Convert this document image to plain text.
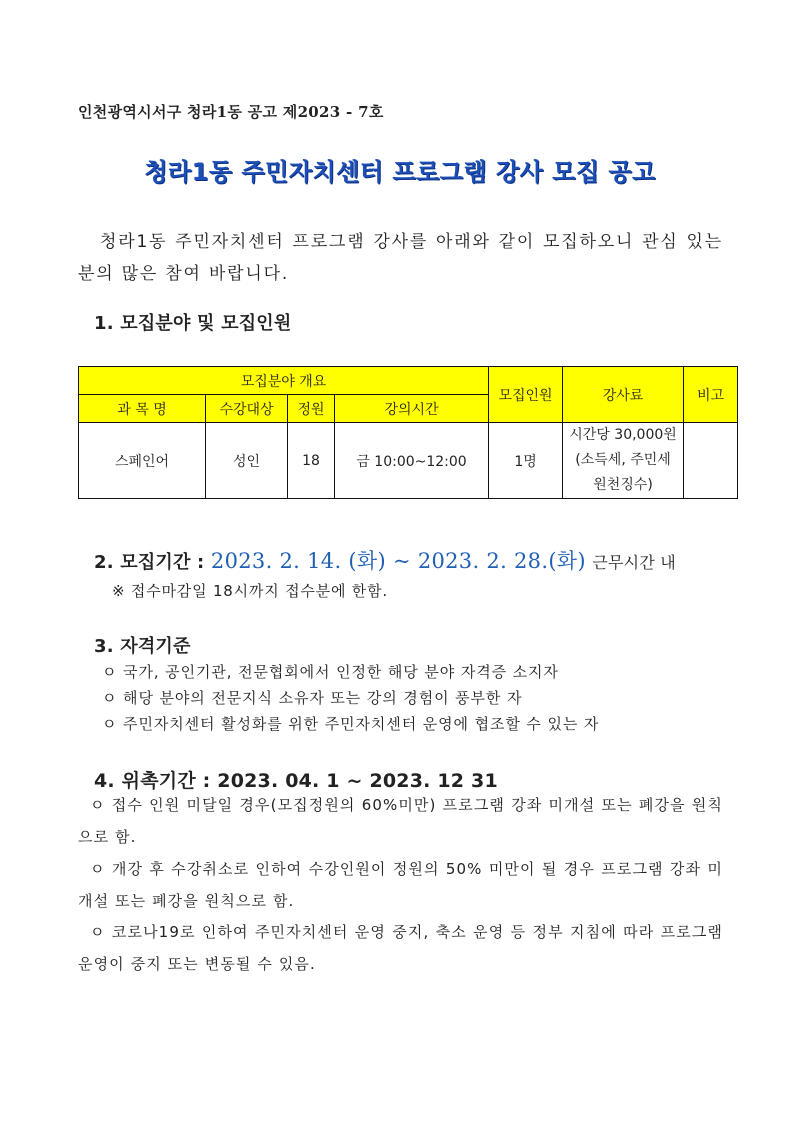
인천광역시서구 청라1동 공고 제2023 - 7호
청라1동 주민자치센터 프로그램 강사 모집 공고
청라1동 주민자치센터 프로그램 강사를 아래와 같이 모집하오니 관심 있는 분의 많은 참여 바랍니다.
1. 모집분야 및 모집인원
모집분야 개요				모집인원	강사료	비고
과 목 명	수강대상	정원	강의시간			
스페인어	성인	18	금 10:00~12:00	1명	시간당 30,000원
(소득세, 주민세
원천징수)	

2. 모집기간 : 2023. 2. 14. (화) ~ 2023. 2. 28.(화) 근무시간 내
※ 접수마감일 18시까지 접수분에 한함.
3. 자격기준
ㅇ 국가, 공인기관, 전문협회에서 인정한 해당 분야 자격증 소지자
ㅇ 해당 분야의 전문지식 소유자 또는 강의 경험이 풍부한 자
ㅇ 주민자치센터 활성화를 위한 주민자치센터 운영에 협조할 수 있는 자
4. 위촉기간 : 2023. 04. 1 ~ 2023. 12 31
ㅇ 접수 인원 미달일 경우(모집정원의 60%미만) 프로그램 강좌 미개설 또는 폐강을 원칙으로 함.
ㅇ 개강 후 수강취소로 인하여 수강인원이 정원의 50% 미만이 될 경우 프로그램 강좌 미개설 또는 폐강을 원칙으로 함.
ㅇ 코로나19로 인하여 주민자치센터 운영 중지, 축소 운영 등 정부 지침에 따라 프로그램 운영이 중지 또는 변동될 수 있음.
